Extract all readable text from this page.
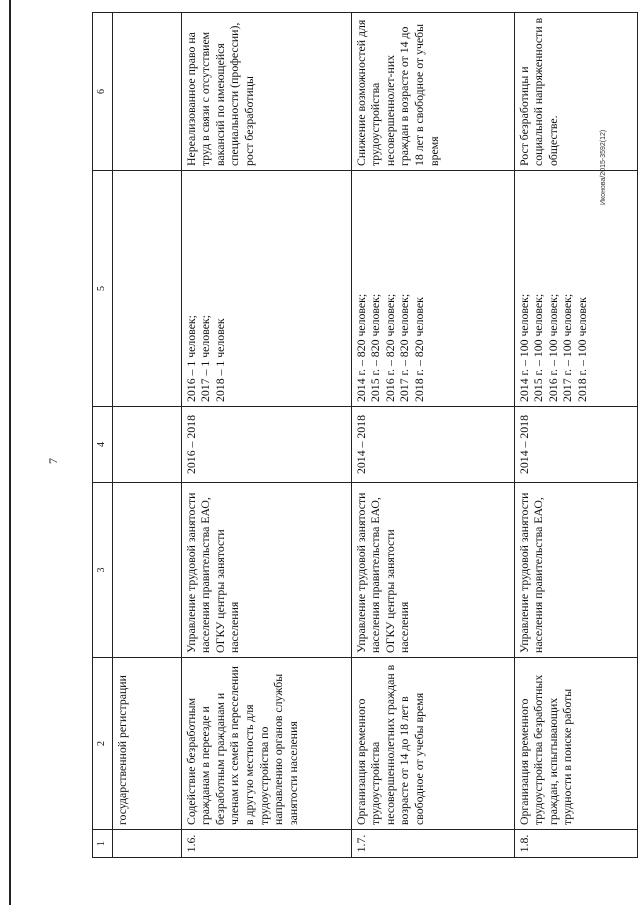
7
Иконова/2015-3592(12)
1	2	3	4	5	6
	государственной регистрации				
1.6.	Содействие безработным гражданам в переезде и безработным гражданам и членам их семей в переселении в другую местность для трудоустройства по направлению органов службы занятости населения	Управление трудовой занятости населения правительства ЕАО, ОГКУ центры занятости населения	2016 – 2018	2016 – 1 человек; 2017 – 1 человек; 2018 – 1 человек	Нереализованное право на труд в связи с отсутствием вакансий по имеющейся специальности (профессии), рост безработицы
1.7.	Организация временного трудоустройства несовершеннолетних граждан в возрасте от 14 до 18 лет в свободное от учебы время	Управление трудовой занятости населения правительства ЕАО, ОГКУ центры занятости населения	2014 – 2018	2014 г. – 820 человек; 2015 г. – 820 человек; 2016 г. – 820 человек; 2017 г. – 820 человек; 2018 г. – 820 человек	Снижение возможностей для трудоустройства несовершеннолет-них граждан в возрасте от 14 до 18 лет в свободное от учебы время
1.8.	Организация временного трудоустройства безработных граждан, испытывающих трудности в поиске работы	Управление трудовой занятости населения правительства ЕАО,	2014 – 2018	2014 г. – 100 человек; 2015 г. – 100 человек; 2016 г. – 100 человек; 2017 г. – 100 человек; 2018 г. – 100 человек	Рост безработицы и социальной напряженности в обществе.
